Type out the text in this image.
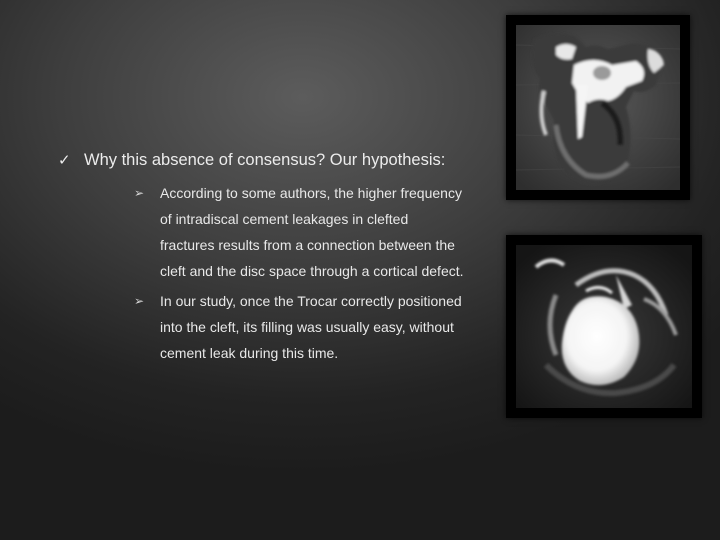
✓ Why this absence of consensus? Our hypothesis:
➢	According to some authors, the higher frequency of intradiscal cement leakages in clefted fractures results from a connection between the cleft and the disc space through a cortical defect.
➢	In our study, once the Trocar correctly positioned into the cleft, its filling was usually easy, without cement leak during this time.
